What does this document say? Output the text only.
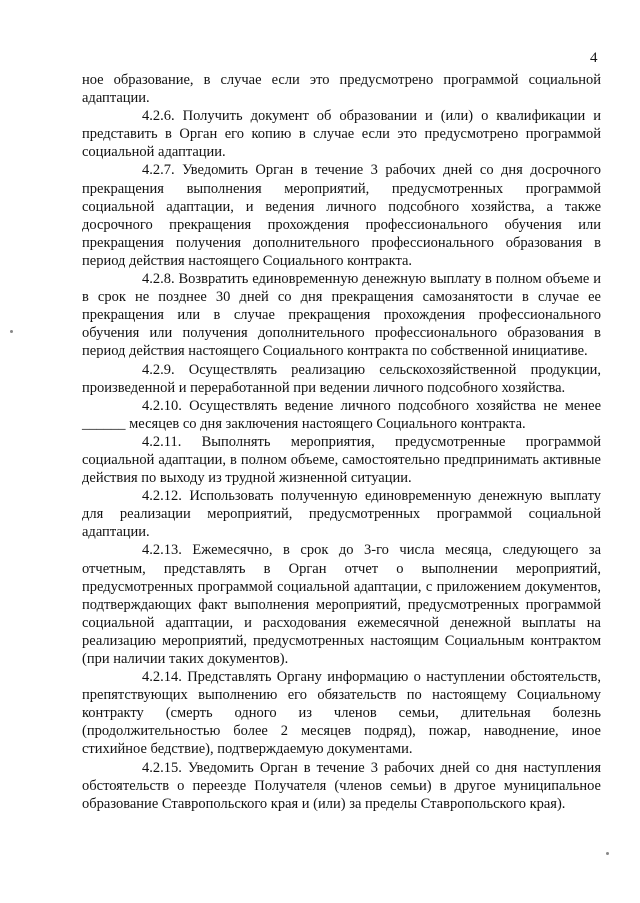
4

ное образование, в случае если это предусмотрено программой социальной адаптации.

4.2.6. Получить документ об образовании и (или) о квалификации и представить в Орган его копию в случае если это предусмотрено программой социальной адаптации.

4.2.7. Уведомить Орган в течение 3 рабочих дней со дня досрочного прекращения выполнения мероприятий, предусмотренных программой социальной адаптации, и ведения личного подсобного хозяйства, а также досрочного прекращения прохождения профессионального обучения или прекращения получения дополнительного профессионального образования в период действия настоящего Социального контракта.

4.2.8. Возвратить единовременную денежную выплату в полном объеме и в срок не позднее 30 дней со дня прекращения самозанятости в случае ее прекращения или в случае прекращения прохождения профессионального обучения или получения дополнительного профессионального образования в период действия настоящего Социального контракта по собственной инициативе.

4.2.9. Осуществлять реализацию сельскохозяйственной продукции, произведенной и переработанной при ведении личного подсобного хозяйства.

4.2.10. Осуществлять ведение личного подсобного хозяйства не менее ______ месяцев со дня заключения настоящего Социального контракта.

4.2.11. Выполнять мероприятия, предусмотренные программой социальной адаптации, в полном объеме, самостоятельно предпринимать активные действия по выходу из трудной жизненной ситуации.

4.2.12. Использовать полученную единовременную денежную выплату для реализации мероприятий, предусмотренных программой социальной адаптации.

4.2.13. Ежемесячно, в срок до 3-го числа месяца, следующего за отчетным, представлять в Орган отчет о выполнении мероприятий, предусмотренных программой социальной адаптации, с приложением документов, подтверждающих факт выполнения мероприятий, предусмотренных программой социальной адаптации, и расходования ежемесячной денежной выплаты на реализацию мероприятий, предусмотренных настоящим Социальным контрактом (при наличии таких документов).

4.2.14. Представлять Органу информацию о наступлении обстоятельств, препятствующих выполнению его обязательств по настоящему Социальному контракту (смерть одного из членов семьи, длительная болезнь (продолжительностью более 2 месяцев подряд), пожар, наводнение, иное стихийное бедствие), подтверждаемую документами.

4.2.15. Уведомить Орган в течение 3 рабочих дней со дня наступления обстоятельств о переезде Получателя (членов семьи) в другое муниципальное образование Ставропольского края и (или) за пределы Ставропольского края).
